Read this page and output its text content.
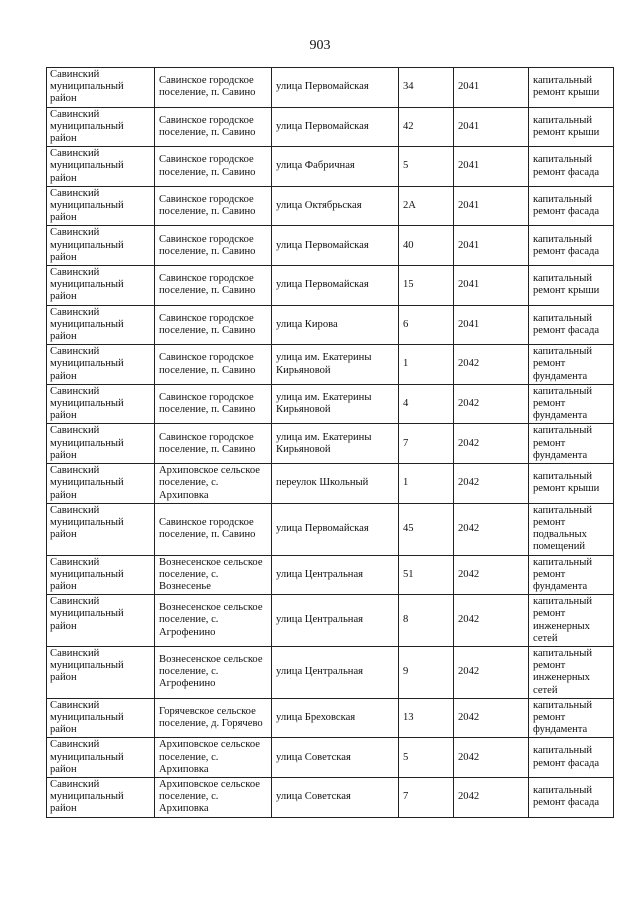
903
Савинский муниципальный район	Савинское городское поселение, п. Савино	улица Первомайская	34	2041	капитальный ремонт крыши
Савинский муниципальный район	Савинское городское поселение, п. Савино	улица Первомайская	42	2041	капитальный ремонт крыши
Савинский муниципальный район	Савинское городское поселение, п. Савино	улица Фабричная	5	2041	капитальный ремонт фасада
Савинский муниципальный район	Савинское городское поселение, п. Савино	улица Октябрьская	2А	2041	капитальный ремонт фасада
Савинский муниципальный район	Савинское городское поселение, п. Савино	улица Первомайская	40	2041	капитальный ремонт фасада
Савинский муниципальный район	Савинское городское поселение, п. Савино	улица Первомайская	15	2041	капитальный ремонт крыши
Савинский муниципальный район	Савинское городское поселение, п. Савино	улица Кирова	6	2041	капитальный ремонт фасада
Савинский муниципальный район	Савинское городское поселение, п. Савино	улица им. Екатерины Кирьяновой	1	2042	капитальный ремонт фундамента
Савинский муниципальный район	Савинское городское поселение, п. Савино	улица им. Екатерины Кирьяновой	4	2042	капитальный ремонт фундамента
Савинский муниципальный район	Савинское городское поселение, п. Савино	улица им. Екатерины Кирьяновой	7	2042	капитальный ремонт фундамента
Савинский муниципальный район	Архиповское сельское поселение, с. Архиповка	переулок Школьный	1	2042	капитальный ремонт крыши
Савинский муниципальный район	Савинское городское поселение, п. Савино	улица Первомайская	45	2042	капитальный ремонт подвальных помещений
Савинский муниципальный район	Вознесенское сельское поселение, с. Вознесенье	улица Центральная	51	2042	капитальный ремонт фундамента
Савинский муниципальный район	Вознесенское сельское поселение, с. Агрофенино	улица Центральная	8	2042	капитальный ремонт инженерных сетей
Савинский муниципальный район	Вознесенское сельское поселение, с. Агрофенино	улица Центральная	9	2042	капитальный ремонт инженерных сетей
Савинский муниципальный район	Горячевское сельское поселение, д. Горячево	улица Бреховская	13	2042	капитальный ремонт фундамента
Савинский муниципальный район	Архиповское сельское поселение, с. Архиповка	улица Советская	5	2042	капитальный ремонт фасада
Савинский муниципальный район	Архиповское сельское поселение, с. Архиповка	улица Советская	7	2042	капитальный ремонт фасада
